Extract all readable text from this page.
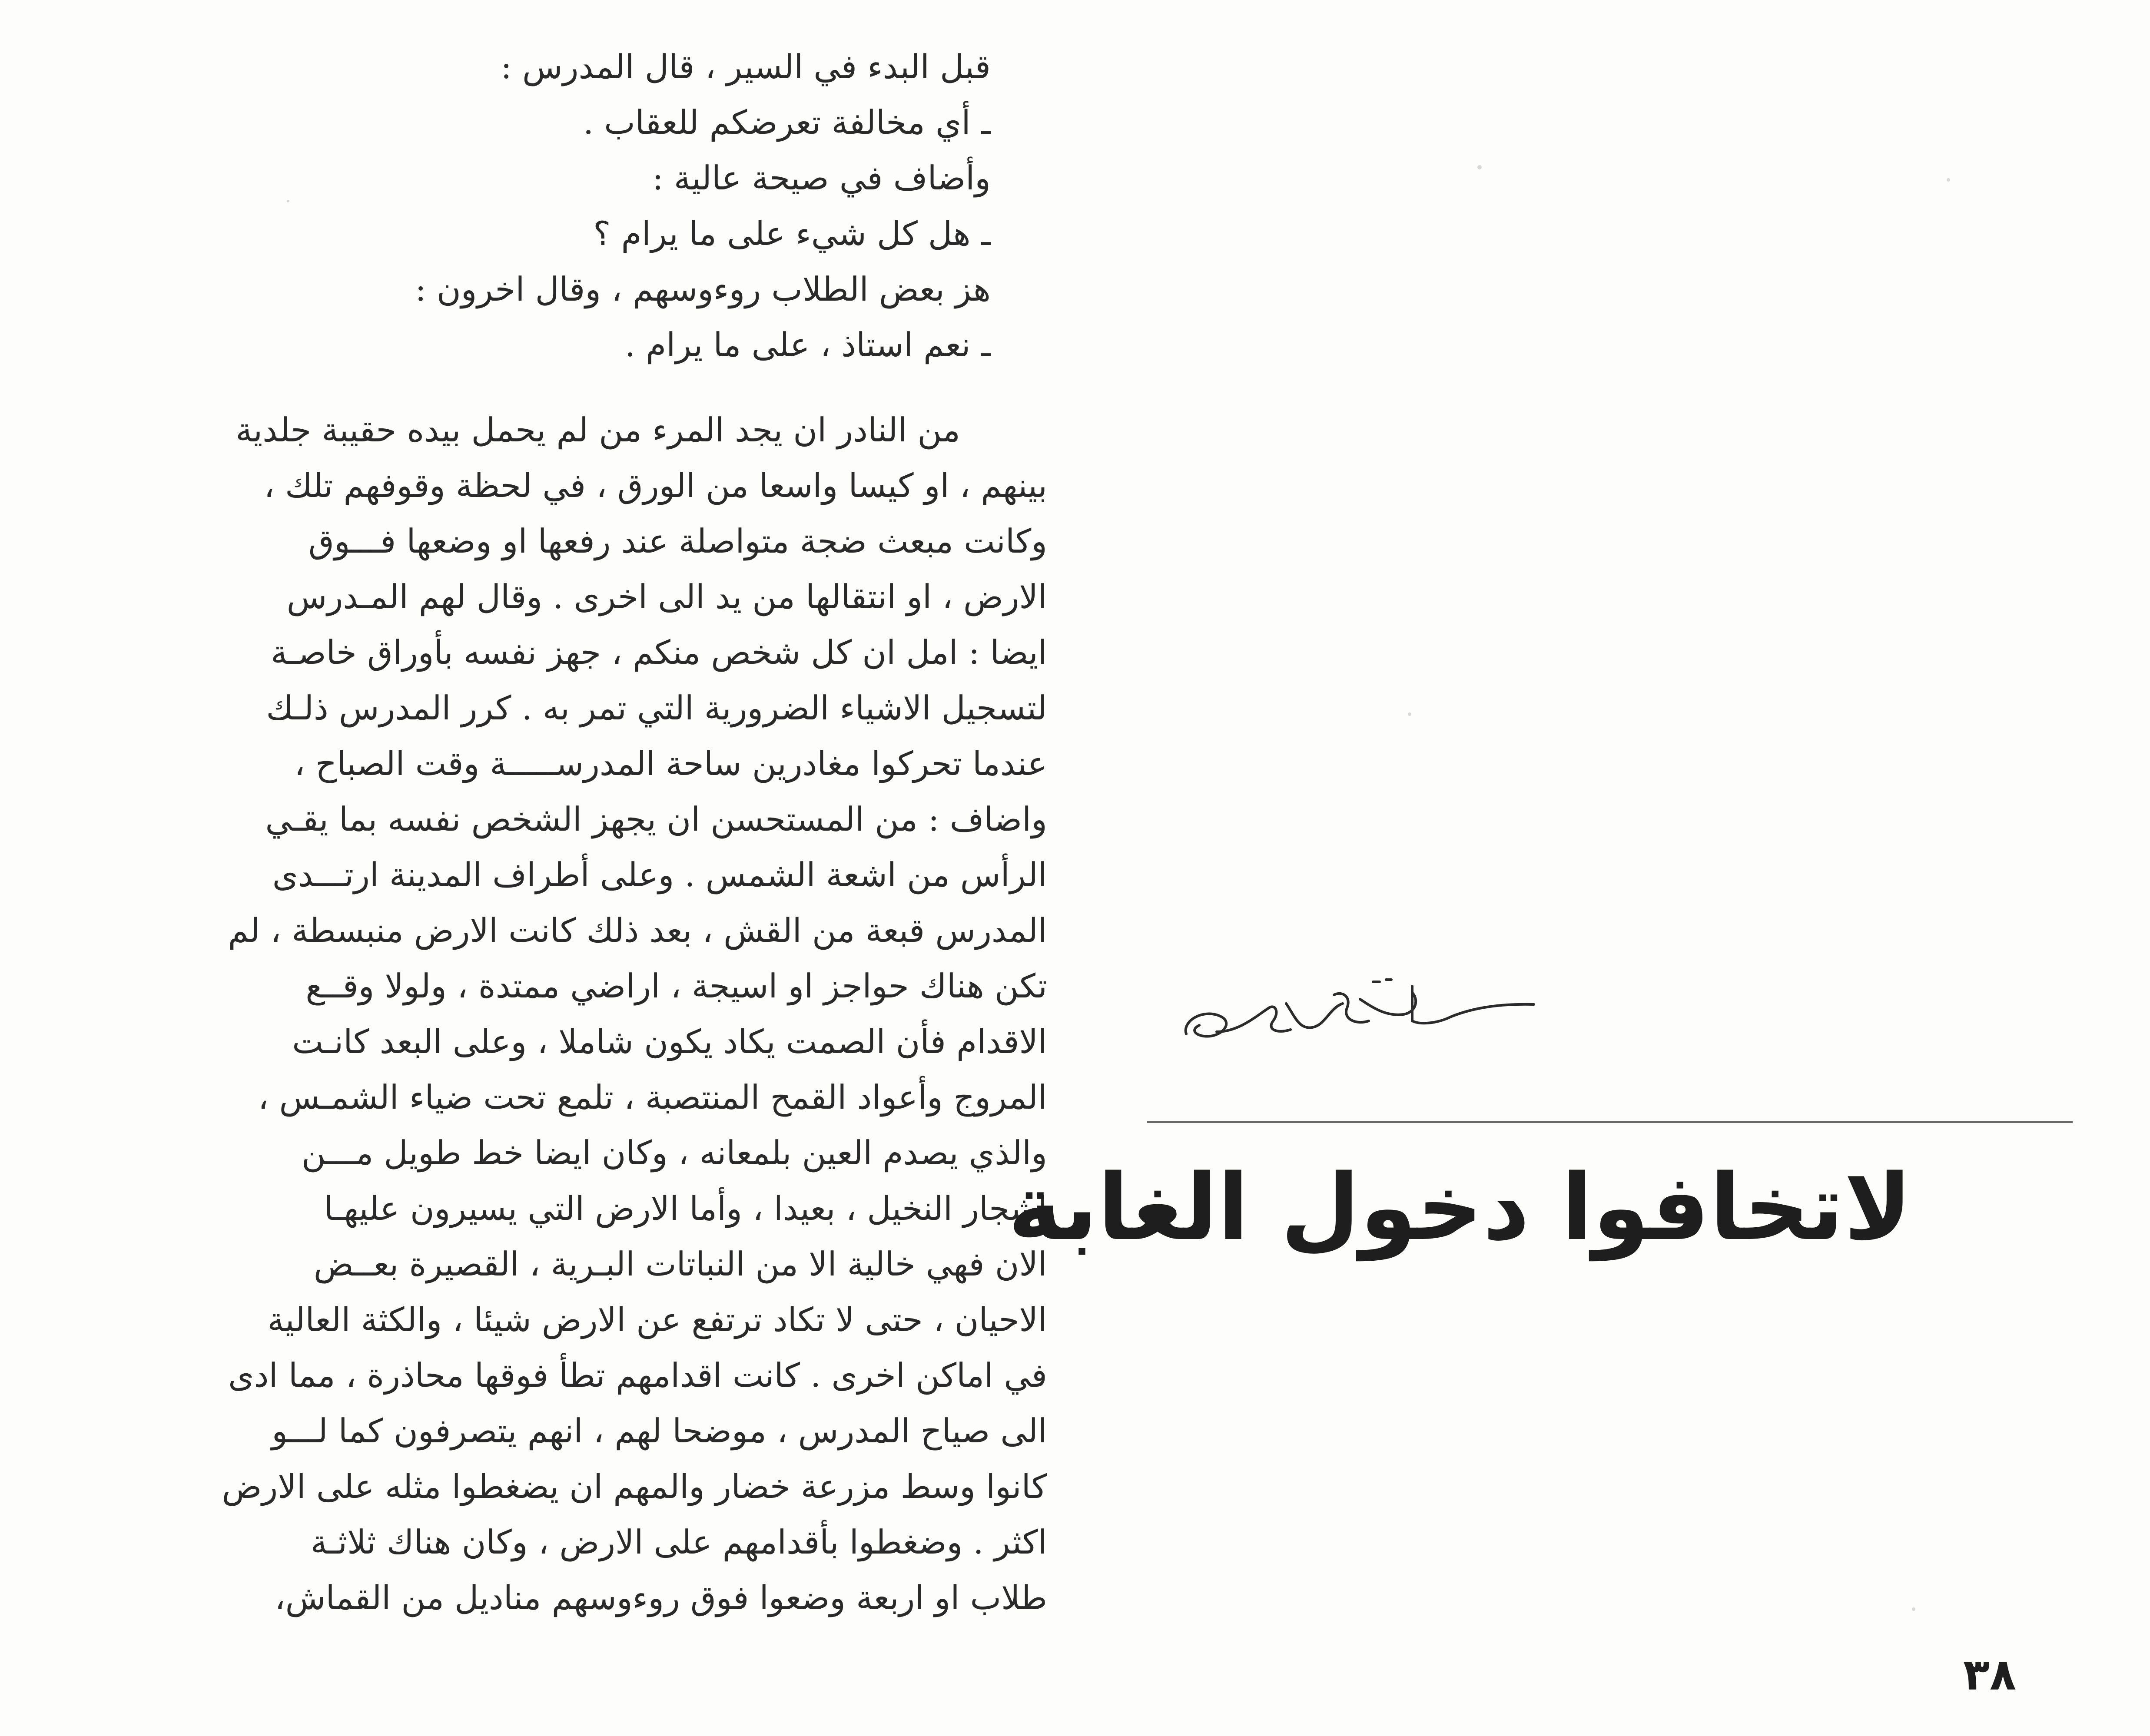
قبل البدء في السير ، قال المدرس :
ـ أي مخالفة تعرضكم للعقاب .
وأضاف في صيحة عالية :
ـ هل كل شيء على ما يرام ؟
هز بعض الطلاب روءوسهم ، وقال اخرون :
ـ نعم استاذ ، على ما يرام .
من النادر ان يجد المرء من لم يحمل بيده حقيبة جلدية
بينهم ، او كيسا واسعا من الورق ، في لحظة وقوفهم تلك ،
وكانت مبعث ضجة متواصلة عند رفعها او وضعها فـــوق
الارض ، او انتقالها من يد الى اخرى . وقال لهم المـدرس
ايضا : امل ان كل شخص منكم ، جهز نفسه بأوراق خاصـة
لتسجيل الاشياء الضرورية التي تمر به . كرر المدرس ذلـك
عندما تحركوا مغادرين ساحة المدرســـــة وقت الصباح ،
واضاف : من المستحسن ان يجهز الشخص نفسه بما يقـي
الرأس من اشعة الشمس . وعلى أطراف المدينة ارتـــدى
المدرس قبعة من القش ، بعد ذلك كانت الارض منبسطة ، لم
تكن هناك حواجز او اسيجة ، اراضي ممتدة ، ولولا وقــع
الاقدام فأن الصمت يكاد يكون شاملا ، وعلى البعد كانـت
المروج وأعواد القمح المنتصبة ، تلمع تحت ضياء الشمـس ،
والذي يصدم العين بلمعانه ، وكان ايضا خط طويل مـــن
اشجار النخيل ، بعيدا ، وأما الارض التي يسيرون عليهـا
الان فهي خالية الا من النباتات البـرية ، القصيرة بعــض
الاحيان ، حتى لا تكاد ترتفع عن الارض شيئا ، والكثة العالية
في اماكن اخرى . كانت اقدامهم تطأ فوقها محاذرة ، مما ادى
الى صياح المدرس ، موضحا لهم ، انهم يتصرفون كما لـــو
كانوا وسط مزرعة خضار والمهم ان يضغطوا مثله على الارض
اكثر . وضغطوا بأقدامهم على الارض ، وكان هناك ثلاثـة
طلاب او اربعة وضعوا فوق روءوسهم مناديل من القماش،
لاتخافوا دخول الغابة
٣٨
